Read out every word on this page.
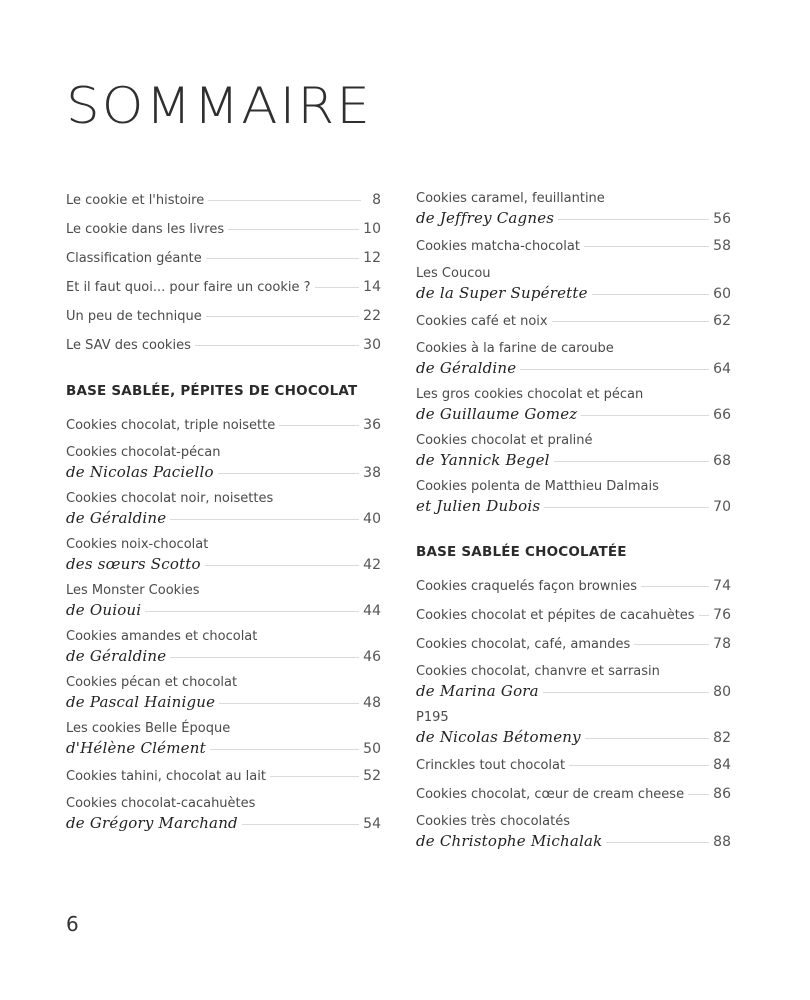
SOMMAIRE
Le cookie et l'histoire	8
Le cookie dans les livres	10
Classification géante	12
Et il faut quoi... pour faire un cookie ?	14
Un peu de technique	22
Le SAV des cookies	30
BASE SABLÉE, PÉPITES DE CHOCOLAT
Cookies chocolat, triple noisette	36
Cookies chocolat-pécan
de Nicolas Paciello	38
Cookies chocolat noir, noisettes
de Géraldine	40
Cookies noix-chocolat
des sœurs Scotto	42
Les Monster Cookies
de Ouioui	44
Cookies amandes et chocolat
de Géraldine	46
Cookies pécan et chocolat
de Pascal Hainigue	48
Les cookies Belle Époque
d'Hélène Clément	50
Cookies tahini, chocolat au lait	52
Cookies chocolat-cacahuètes
de Grégory Marchand	54
Cookies caramel, feuillantine
de Jeffrey Cagnes	56
Cookies matcha-chocolat	58
Les Coucou
de la Super Supérette	60
Cookies café et noix	62
Cookies à la farine de caroube
de Géraldine	64
Les gros cookies chocolat et pécan
de Guillaume Gomez	66
Cookies chocolat et praliné
de Yannick Begel	68
Cookies polenta de Matthieu Dalmais
et Julien Dubois	70
BASE SABLÉE CHOCOLATÉE
Cookies craquelés façon brownies	74
Cookies chocolat et pépites de cacahuètes 76
Cookies chocolat, café, amandes	78
Cookies chocolat, chanvre et sarrasin
de Marina Gora	80
P195
de Nicolas Bétomeny	82
Crinckles tout chocolat	84
Cookies chocolat, cœur de cream cheese 86
Cookies très chocolatés
de Christophe Michalak	88
6
